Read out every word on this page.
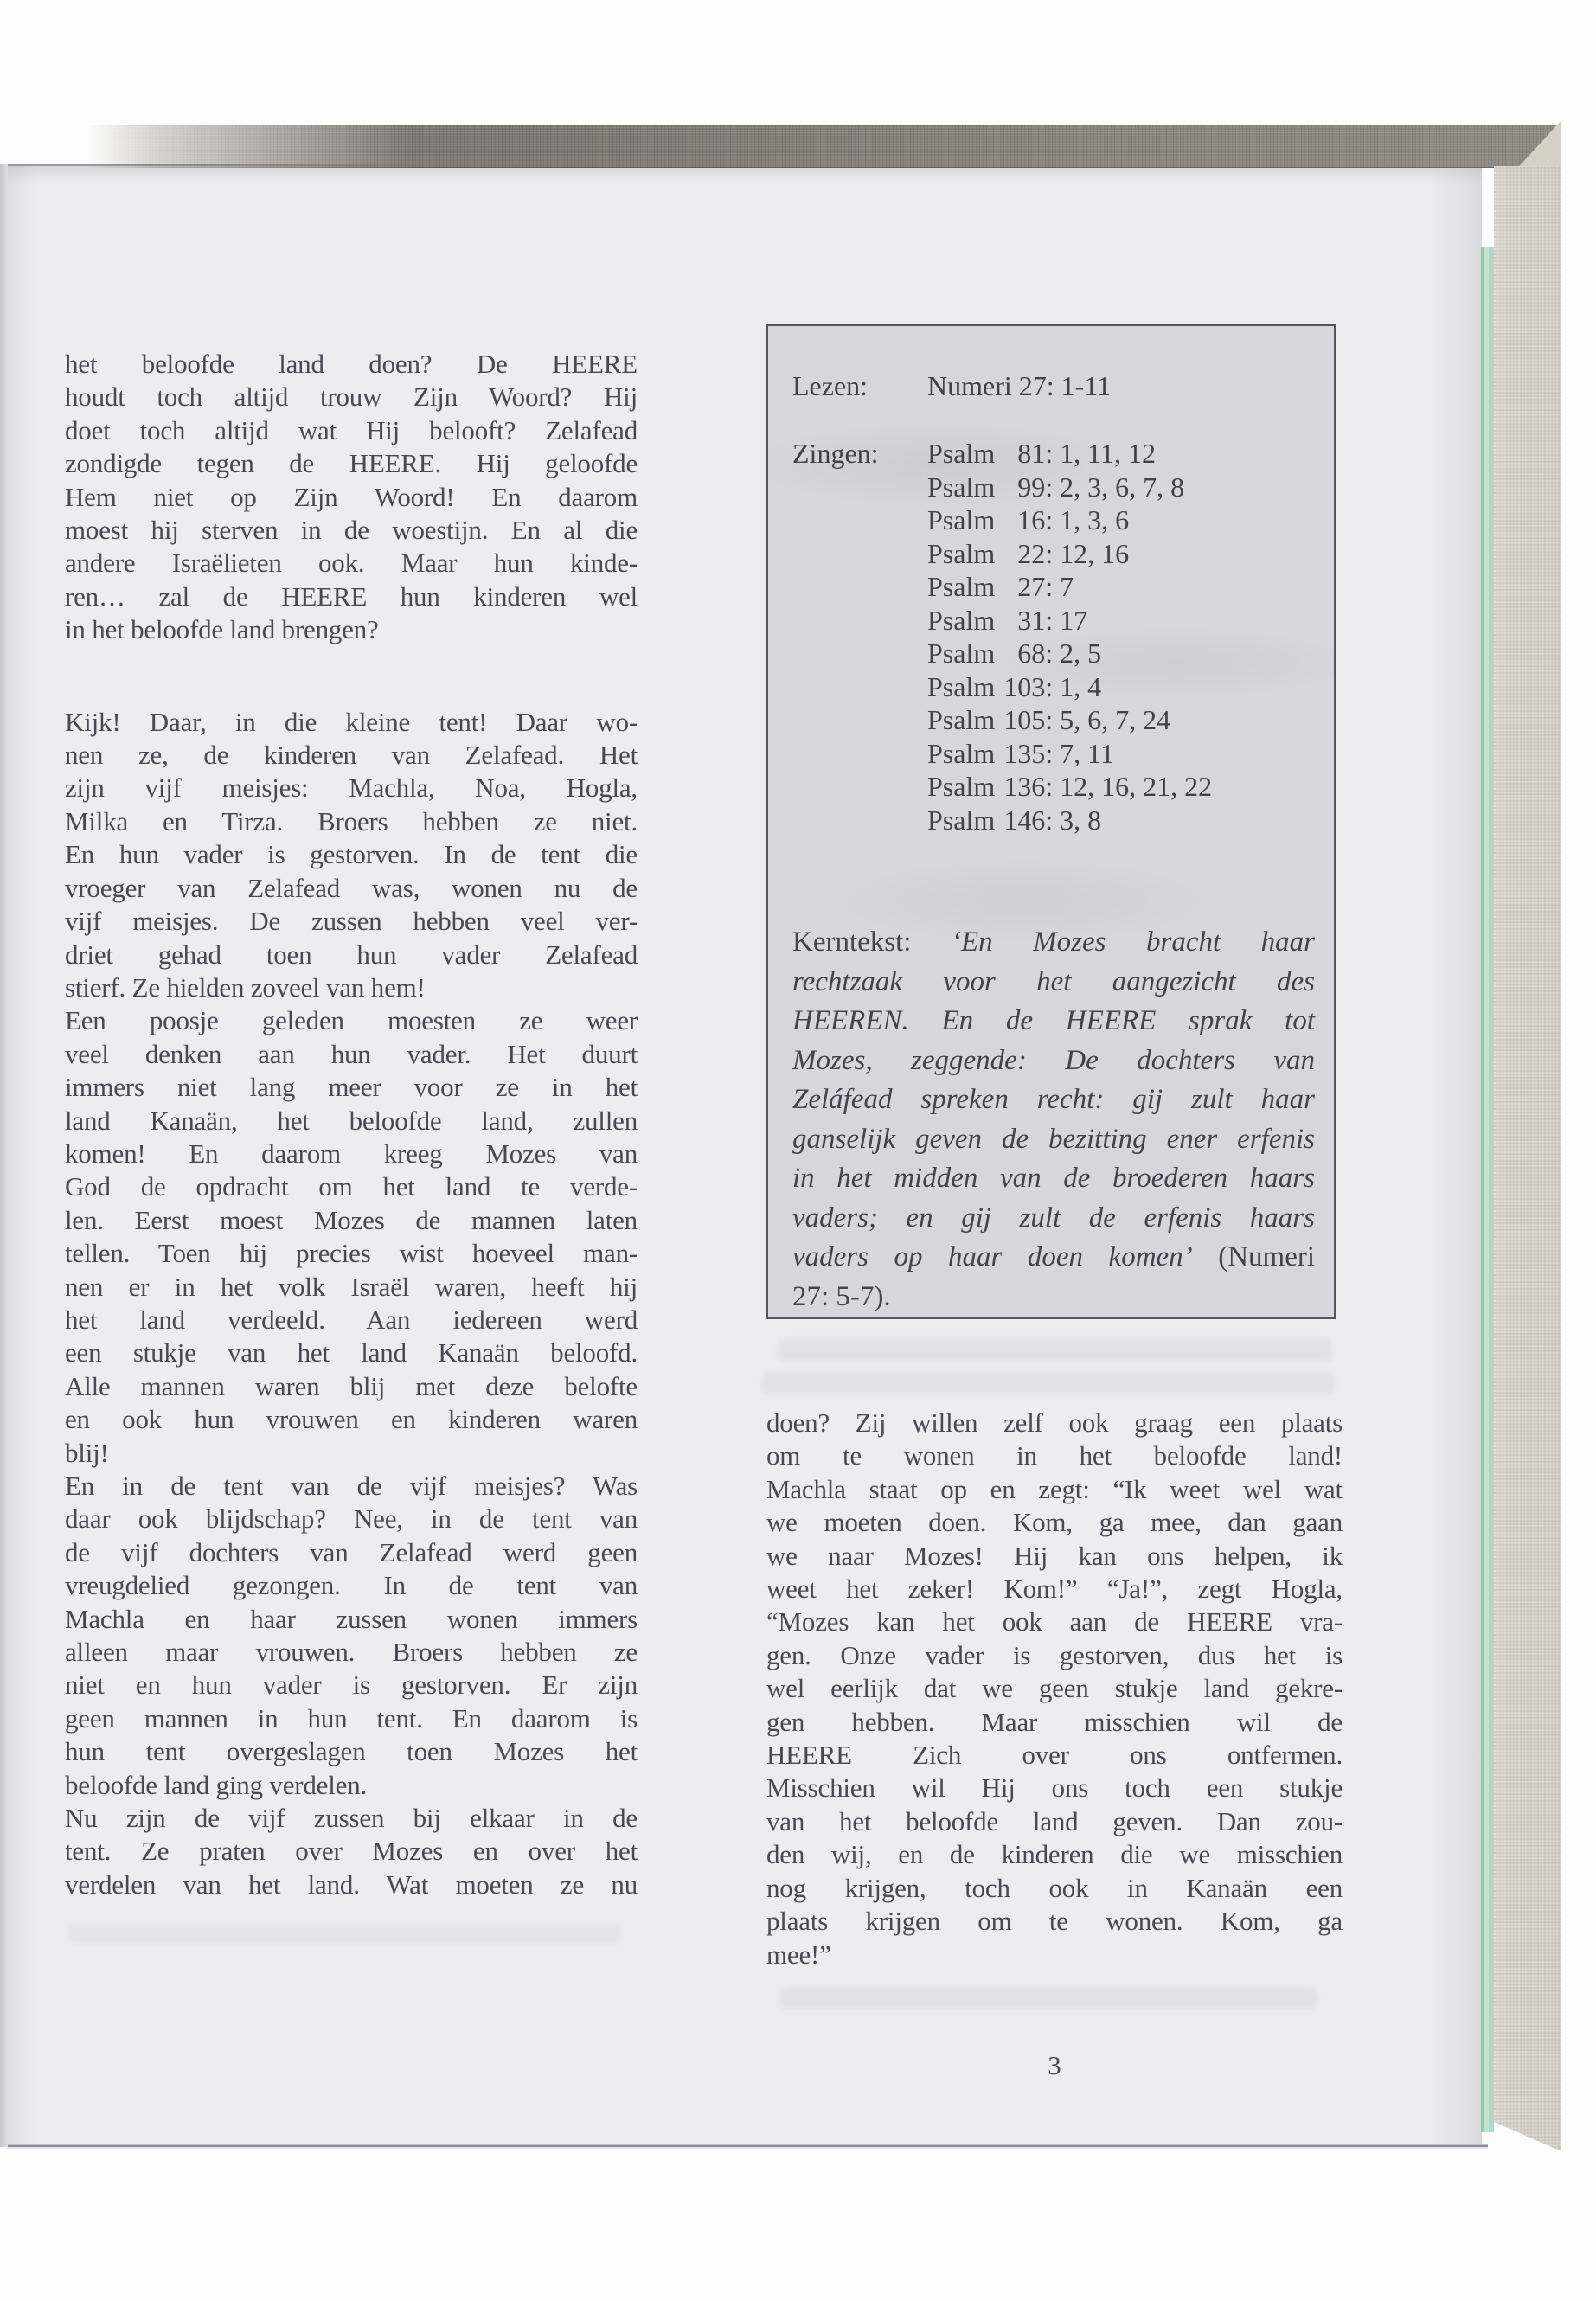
het beloofde land doen? De HEERE
houdt toch altijd trouw Zijn Woord? Hij
doet toch altijd wat Hij belooft? Zelafead
zondigde tegen de HEERE. Hij geloofde
Hem niet op Zijn Woord! En daarom
moest hij sterven in de woestijn. En al die
andere Israëlieten ook. Maar hun kinde-
ren… zal de HEERE hun kinderen wel
in het beloofde land brengen?
Kijk! Daar, in die kleine tent! Daar wo-
nen ze, de kinderen van Zelafead. Het
zijn vijf meisjes: Machla, Noa, Hogla,
Milka en Tirza. Broers hebben ze niet.
En hun vader is gestorven. In de tent die
vroeger van Zelafead was, wonen nu de
vijf meisjes. De zussen hebben veel ver-
driet gehad toen hun vader Zelafead
stierf. Ze hielden zoveel van hem!
Een poosje geleden moesten ze weer
veel denken aan hun vader. Het duurt
immers niet lang meer voor ze in het
land Kanaän, het beloofde land, zullen
komen! En daarom kreeg Mozes van
God de opdracht om het land te verde-
len. Eerst moest Mozes de mannen laten
tellen. Toen hij precies wist hoeveel man-
nen er in het volk Israël waren, heeft hij
het land verdeeld. Aan iedereen werd
een stukje van het land Kanaän beloofd.
Alle mannen waren blij met deze belofte
en ook hun vrouwen en kinderen waren
blij!
En in de tent van de vijf meisjes? Was
daar ook blijdschap? Nee, in de tent van
de vijf dochters van Zelafead werd geen
vreugdelied gezongen. In de tent van
Machla en haar zussen wonen immers
alleen maar vrouwen. Broers hebben ze
niet en hun vader is gestorven. Er zijn
geen mannen in hun tent. En daarom is
hun tent overgeslagen toen Mozes het
beloofde land ging verdelen.
Nu zijn de vijf zussen bij elkaar in de
tent. Ze praten over Mozes en over het
verdelen van het land. Wat moeten ze nu
Lezen:	Numeri 27: 1-11
Zingen:	Psalm 81 : 1, 11, 12
Psalm 99 : 2, 3, 6, 7, 8
Psalm 16 : 1, 3, 6
Psalm 22 : 12, 16
Psalm 27 : 7
Psalm 31 : 17
Psalm 68 : 2, 5
Psalm 103 : 1, 4
Psalm 105 : 5, 6, 7, 24
Psalm 135 : 7, 11
Psalm 136 : 12, 16, 21, 22
Psalm 146 : 3, 8
Kerntekst: ‘En Mozes bracht haar
rechtzaak voor het aangezicht des
HEEREN. En de HEERE sprak tot
Mozes, zeggende: De dochters van
Zeláfead spreken recht: gij zult haar
ganselijk geven de bezitting ener erfenis
in het midden van de broederen haars
vaders; en gij zult de erfenis haars
vaders op haar doen komen’ (Numeri
27: 5-7).
doen? Zij willen zelf ook graag een plaats
om te wonen in het beloofde land!
Machla staat op en zegt: “Ik weet wel wat
we moeten doen. Kom, ga mee, dan gaan
we naar Mozes! Hij kan ons helpen, ik
weet het zeker! Kom!” “Ja!”, zegt Hogla,
“Mozes kan het ook aan de HEERE vra-
gen. Onze vader is gestorven, dus het is
wel eerlijk dat we geen stukje land gekre-
gen hebben. Maar misschien wil de
HEERE Zich over ons ontfermen.
Misschien wil Hij ons toch een stukje
van het beloofde land geven. Dan zou-
den wij, en de kinderen die we misschien
nog krijgen, toch ook in Kanaän een
plaats krijgen om te wonen. Kom, ga
mee!”
3
